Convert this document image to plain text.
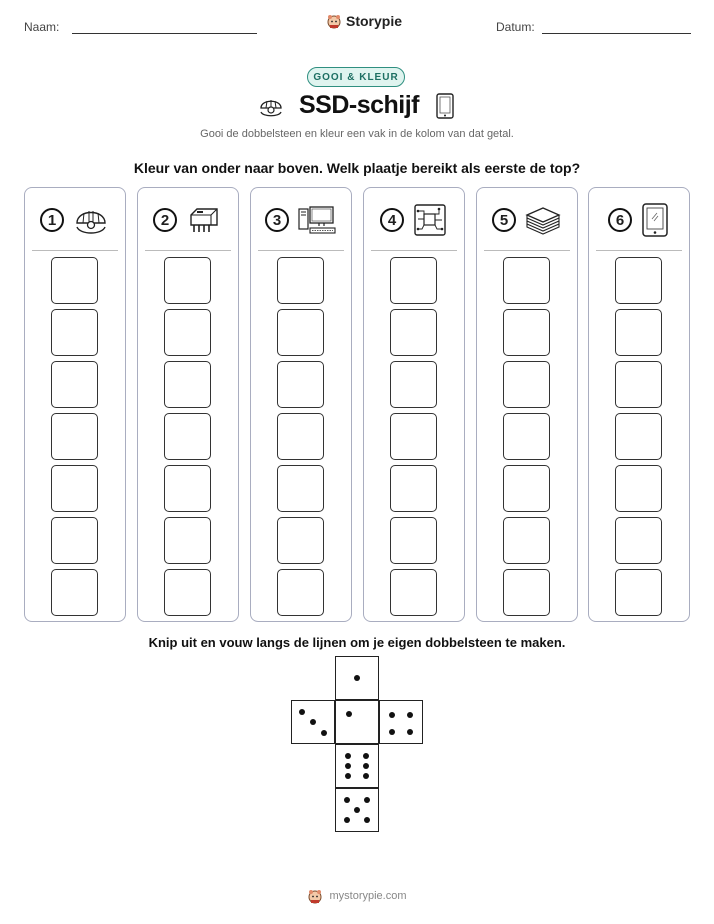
Naam:	Storypie	Datum:
GOOI & KLEUR
SSD-schijf
Gooi de dobbelsteen en kleur een vak in de kolom van dat getal.
Kleur van onder naar boven. Welk plaatje bereikt als eerste de top?
1	2	3	4	5	6
Knip uit en vouw langs de lijnen om je eigen dobbelsteen te maken.
mystorypie.com
